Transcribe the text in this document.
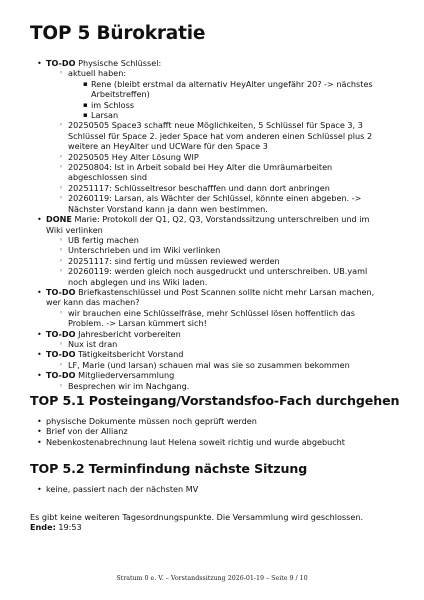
TOP 5 Bürokratie
• TO-DO Physische Schlüssel:
◦ aktuell haben:
▪ Rene (bleibt erstmal da alternativ HeyAlter ungefähr 20? -> nächstes Arbeitstreffen)
▪ im Schloss
▪ Larsan
◦ 20250505 Space3 schafft neue Möglichkeiten, 5 Schlüssel für Space 3, 3 Schlüssel für Space 2. jeder Space hat vom anderen einen Schlüssel plus 2 weitere an HeyAlter und UCWare für den Space 3
◦ 20250505 Hey Alter Lösung WIP
◦ 20250804: Ist in Arbeit sobald bei Hey Alter die Umräumarbeiten abgeschlossen sind
◦ 20251117: Schlüsseltresor beschafffen und dann dort anbringen
◦ 20260119: Larsan, als Wächter der Schlüssel, könnte einen abgeben. -> Nächster Vorstand kann ja dann wen bestimmen.
• DONE Marie: Protokoll der Q1, Q2, Q3, Vorstandssitzung unterschreiben und im Wiki verlinken
◦ UB fertig machen
◦ Unterschrieben und im Wiki verlinken
◦ 20251117: sind fertig und müssen reviewed werden
◦ 20260119: werden gleich noch ausgedruckt und unterschreiben. UB.yaml noch abglegen und ins Wiki laden.
• TO-DO Briefkastenschlüssel und Post Scannen sollte nicht mehr Larsan machen, wer kann das machen?
◦ wir brauchen eine Schlüsselfräse, mehr Schlüssel lösen hoffentlich das Problem. -> Larsan kümmert sich!
• TO-DO Jahresbericht vorbereiten
◦ Nux ist dran
• TO-DO Tätigkeitsbericht Vorstand
◦ LF, Marie (und larsan) schauen mal was sie so zusammen bekommen
• TO-DO Mitgliederversammlung
◦ Besprechen wir im Nachgang.
TOP 5.1 Posteingang/Vorstandsfoo-Fach durchgehen
• physische Dokumente müssen noch geprüft werden
• Brief von der Allianz
• Nebenkostenabrechnung laut Helena soweit richtig und wurde abgebucht
TOP 5.2 Terminfindung nächste Sitzung
• keine, passiert nach der nächsten MV
Es gibt keine weiteren Tagesordnungspunkte. Die Versammlung wird geschlossen.
Ende: 19:53
Stratum 0 e. V. – Vorstandssitzung 2026-01-19 – Seite 9 / 10
